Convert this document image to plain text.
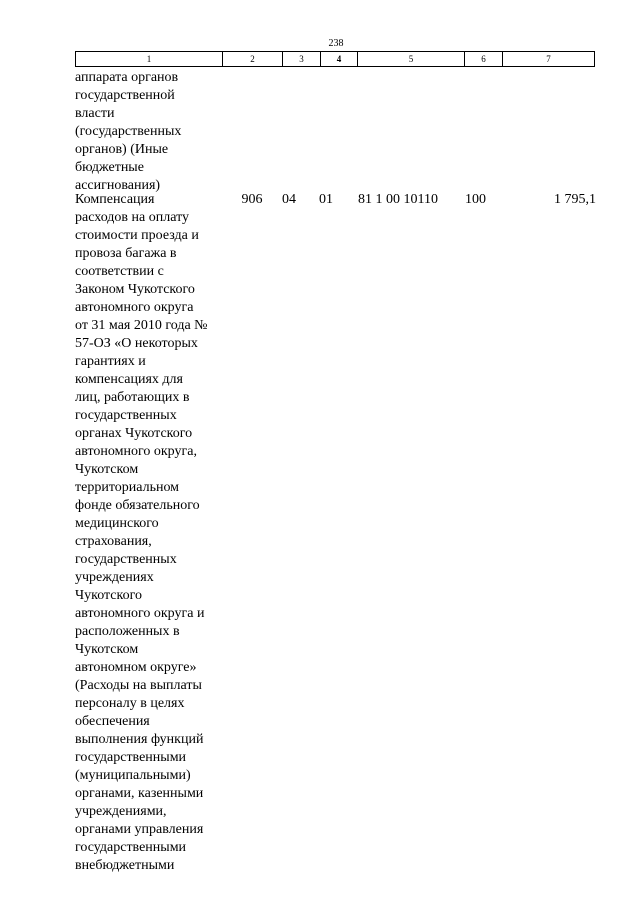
238
1	2	3	4	5	6	7
аппарата органов
государственной
власти
(государственных
органов) (Иные
бюджетные
ассигнования)
Компенсация
расходов на оплату
стоимости проезда и
провоза багажа в
соответствии с
Законом Чукотского
автономного округа
от 31 мая 2010 года №
57-ОЗ «О некоторых
гарантиях и
компенсациях для
лиц, работающих в
государственных
органах Чукотского
автономного округа,
Чукотском
территориальном
фонде обязательного
медицинского
страхования,
государственных
учреждениях
Чукотского
автономного округа и
расположенных в
Чукотском
автономном округе»
(Расходы на выплаты
персоналу в целях
обеспечения
выполнения функций
государственными
(муниципальными)
органами, казенными
учреждениями,
органами управления
государственными
внебюджетными
906	04 01	81 1 00 10110	100	1 795,1
